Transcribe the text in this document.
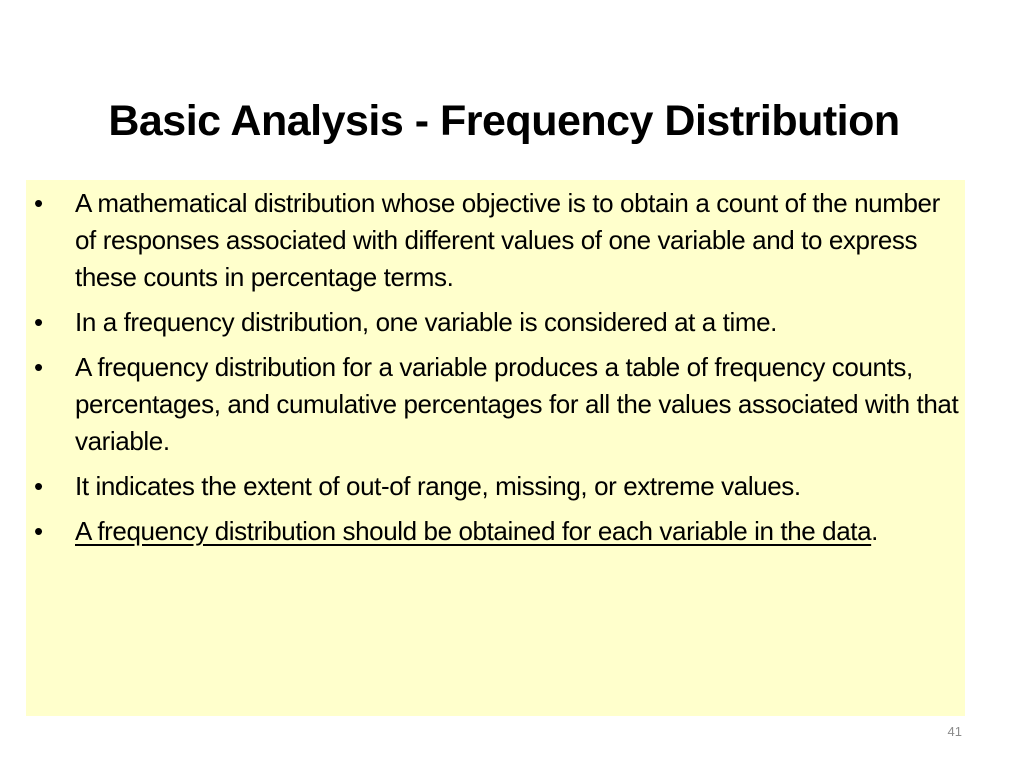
Basic Analysis - Frequency Distribution
•	A mathematical distribution whose objective is to obtain a count of the number of responses associated with different values of one variable and to express these counts in percentage terms.
•	In a frequency distribution, one variable is considered at a time.
•	A frequency distribution for a variable produces a table of frequency counts, percentages, and cumulative percentages for all the values associated with that variable.
•	It indicates the extent of out-of range, missing, or extreme values.
•	A frequency distribution should be obtained for each variable in the data.
41
